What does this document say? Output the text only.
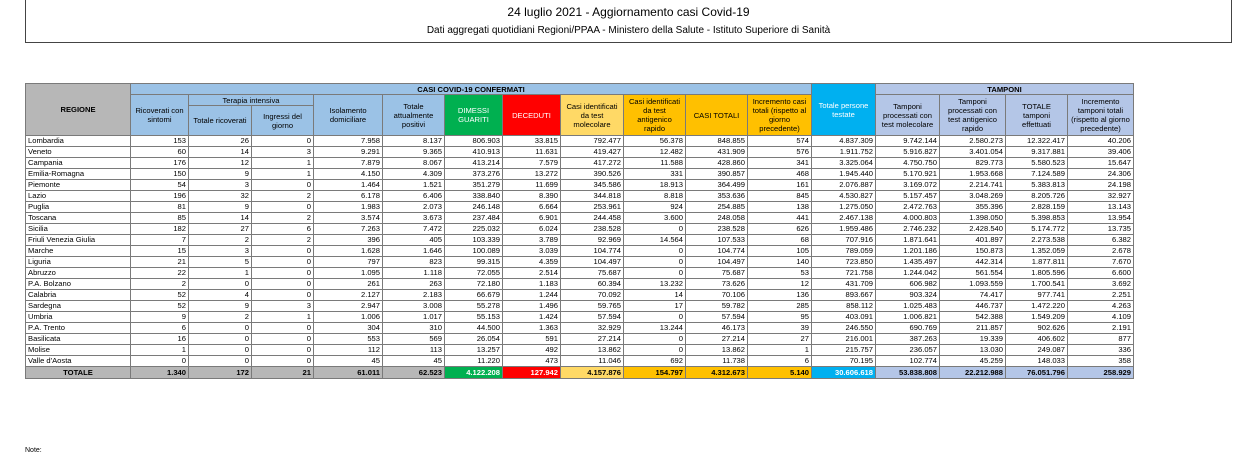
24 luglio 2021 - Aggiornamento casi Covid-19
Dati aggregati quotidiani Regioni/PPAA - Ministero della Salute - Istituto Superiore di Sanità
REGIONE	CASI COVID-19 CONFERMATI											Totale persone testate	TAMPONI			
	Ricoverati con sintomi	Terapia intensiva		Isolamento domiciliare	Totale attualmente positivi	DIMESSI GUARITI	DECEDUTI	Casi identificati da test molecolare	Casi identificati da test antigenico rapido	CASI TOTALI	Incremento casi totali (rispetto al giorno precedente)		Tamponi processati con test molecolare	Tamponi processati con test antigenico rapido	TOTALE tamponi effettuati	Incremento tamponi totali (rispetto al giorno precedente)
		Totale ricoverati	Ingressi del giorno													
Lombardia	153	26	0	7.958	8.137	806.903	33.815	792.477	56.378	848.855	574	4.837.309	9.742.144	2.580.273	12.322.417	40.206
Veneto	60	14	3	9.291	9.365	410.913	11.631	419.427	12.482	431.909	576	1.911.752	5.916.827	3.401.054	9.317.881	39.406
Campania	176	12	1	7.879	8.067	413.214	7.579	417.272	11.588	428.860	341	3.325.064	4.750.750	829.773	5.580.523	15.647
Emilia-Romagna	150	9	1	4.150	4.309	373.276	13.272	390.526	331	390.857	468	1.945.440	5.170.921	1.953.668	7.124.589	24.306
Piemonte	54	3	0	1.464	1.521	351.279	11.699	345.586	18.913	364.499	161	2.076.887	3.169.072	2.214.741	5.383.813	24.198
Lazio	196	32	2	6.178	6.406	338.840	8.390	344.818	8.818	353.636	845	4.530.827	5.157.457	3.048.269	8.205.726	32.927
Puglia	81	9	0	1.983	2.073	246.148	6.664	253.961	924	254.885	138	1.275.050	2.472.763	355.396	2.828.159	13.143
Toscana	85	14	2	3.574	3.673	237.484	6.901	244.458	3.600	248.058	441	2.467.138	4.000.803	1.398.050	5.398.853	13.954
Sicilia	182	27	6	7.263	7.472	225.032	6.024	238.528	0	238.528	626	1.959.486	2.746.232	2.428.540	5.174.772	13.735
Friuli Venezia Giulia	7	2	2	396	405	103.339	3.789	92.969	14.564	107.533	68	707.916	1.871.641	401.897	2.273.538	6.382
Marche	15	3	0	1.628	1.646	100.089	3.039	104.774	0	104.774	105	789.059	1.201.186	150.873	1.352.059	2.678
Liguria	21	5	0	797	823	99.315	4.359	104.497	0	104.497	140	723.850	1.435.497	442.314	1.877.811	7.670
Abruzzo	22	1	0	1.095	1.118	72.055	2.514	75.687	0	75.687	53	721.758	1.244.042	561.554	1.805.596	6.600
P.A. Bolzano	2	0	0	261	263	72.180	1.183	60.394	13.232	73.626	12	431.709	606.982	1.093.559	1.700.541	3.692
Calabria	52	4	0	2.127	2.183	66.679	1.244	70.092	14	70.106	136	893.667	903.324	74.417	977.741	2.251
Sardegna	52	9	3	2.947	3.008	55.278	1.496	59.765	17	59.782	285	858.112	1.025.483	446.737	1.472.220	4.263
Umbria	9	2	1	1.006	1.017	55.153	1.424	57.594	0	57.594	95	403.091	1.006.821	542.388	1.549.209	4.109
P.A. Trento	6	0	0	304	310	44.500	1.363	32.929	13.244	46.173	39	246.550	690.769	211.857	902.626	2.191
Basilicata	16	0	0	553	569	26.054	591	27.214	0	27.214	27	216.001	387.263	19.339	406.602	877
Molise	1	0	0	112	113	13.257	492	13.862	0	13.862	1	215.757	236.057	13.030	249.087	336
Valle d'Aosta	0	0	0	45	45	11.220	473	11.046	692	11.738	6	70.195	102.774	45.259	148.033	358
TOTALE	1.340	172	21	61.011	62.523	4.122.208	127.942	4.157.876	154.797	4.312.673	5.140	30.606.618	53.838.808	22.212.988	76.051.796	258.929
Note:
